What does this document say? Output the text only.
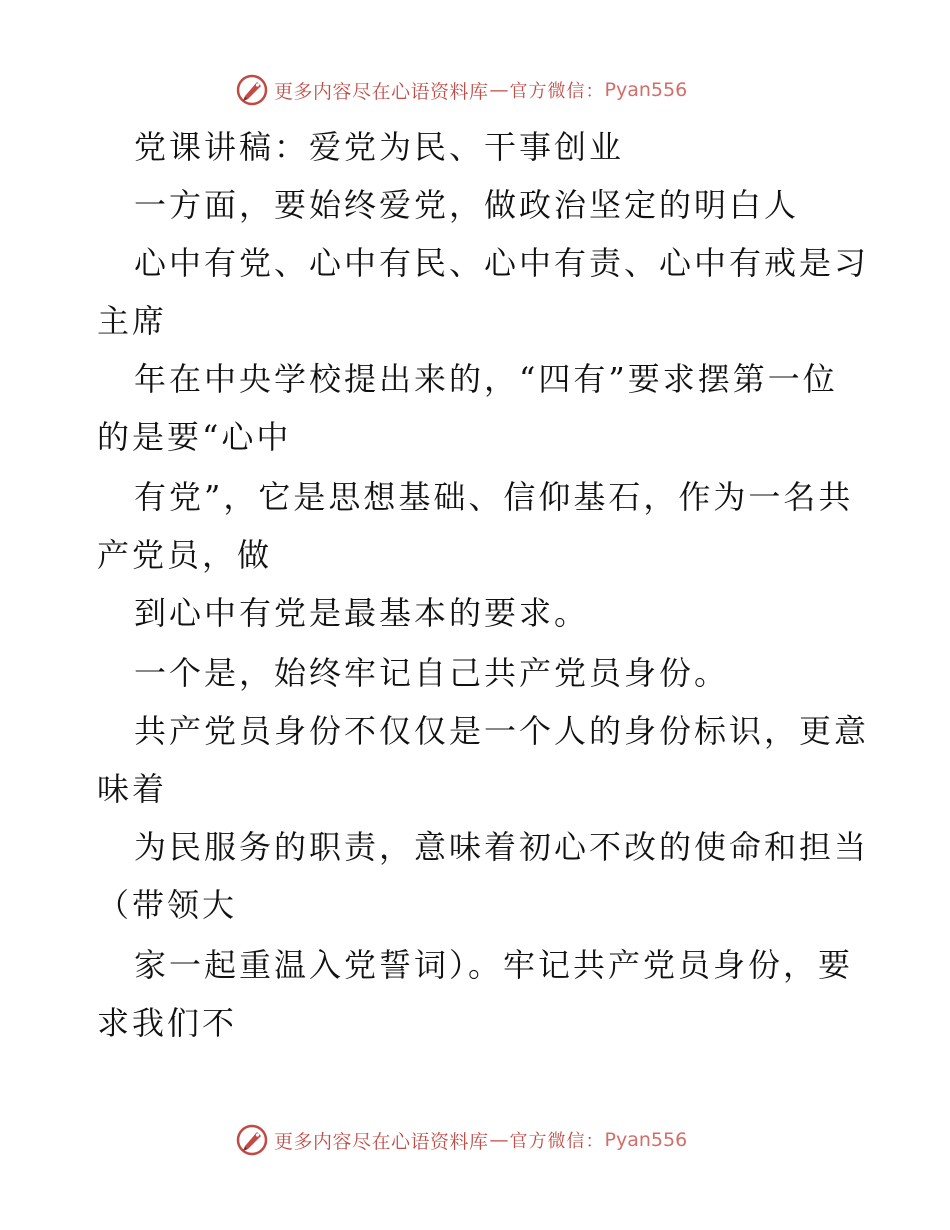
更多内容尽在心语资料库 — 官方微信： Pyan556
党课讲稿：爱党为民、干事创业
一方面，要始终爱党，做政治坚定的明白人
心中有党、心中有民、心中有责、心中有戒是习
主席
年在中央学校提出来的，“四有”要求摆第一位
的是要“心中
有党”，它是思想基础、信仰基石，作为一名共
产党员，做
到心中有党是最基本的要求。
一个是，始终牢记自己共产党员身份。
共产党员身份不仅仅是一个人的身份标识，更意
味着
为民服务的职责，意味着初心不改的使命和担当
（带领大
家一起重温入党誓词）。牢记共产党员身份，要
求我们不
更多内容尽在心语资料库 — 官方微信： Pyan556
